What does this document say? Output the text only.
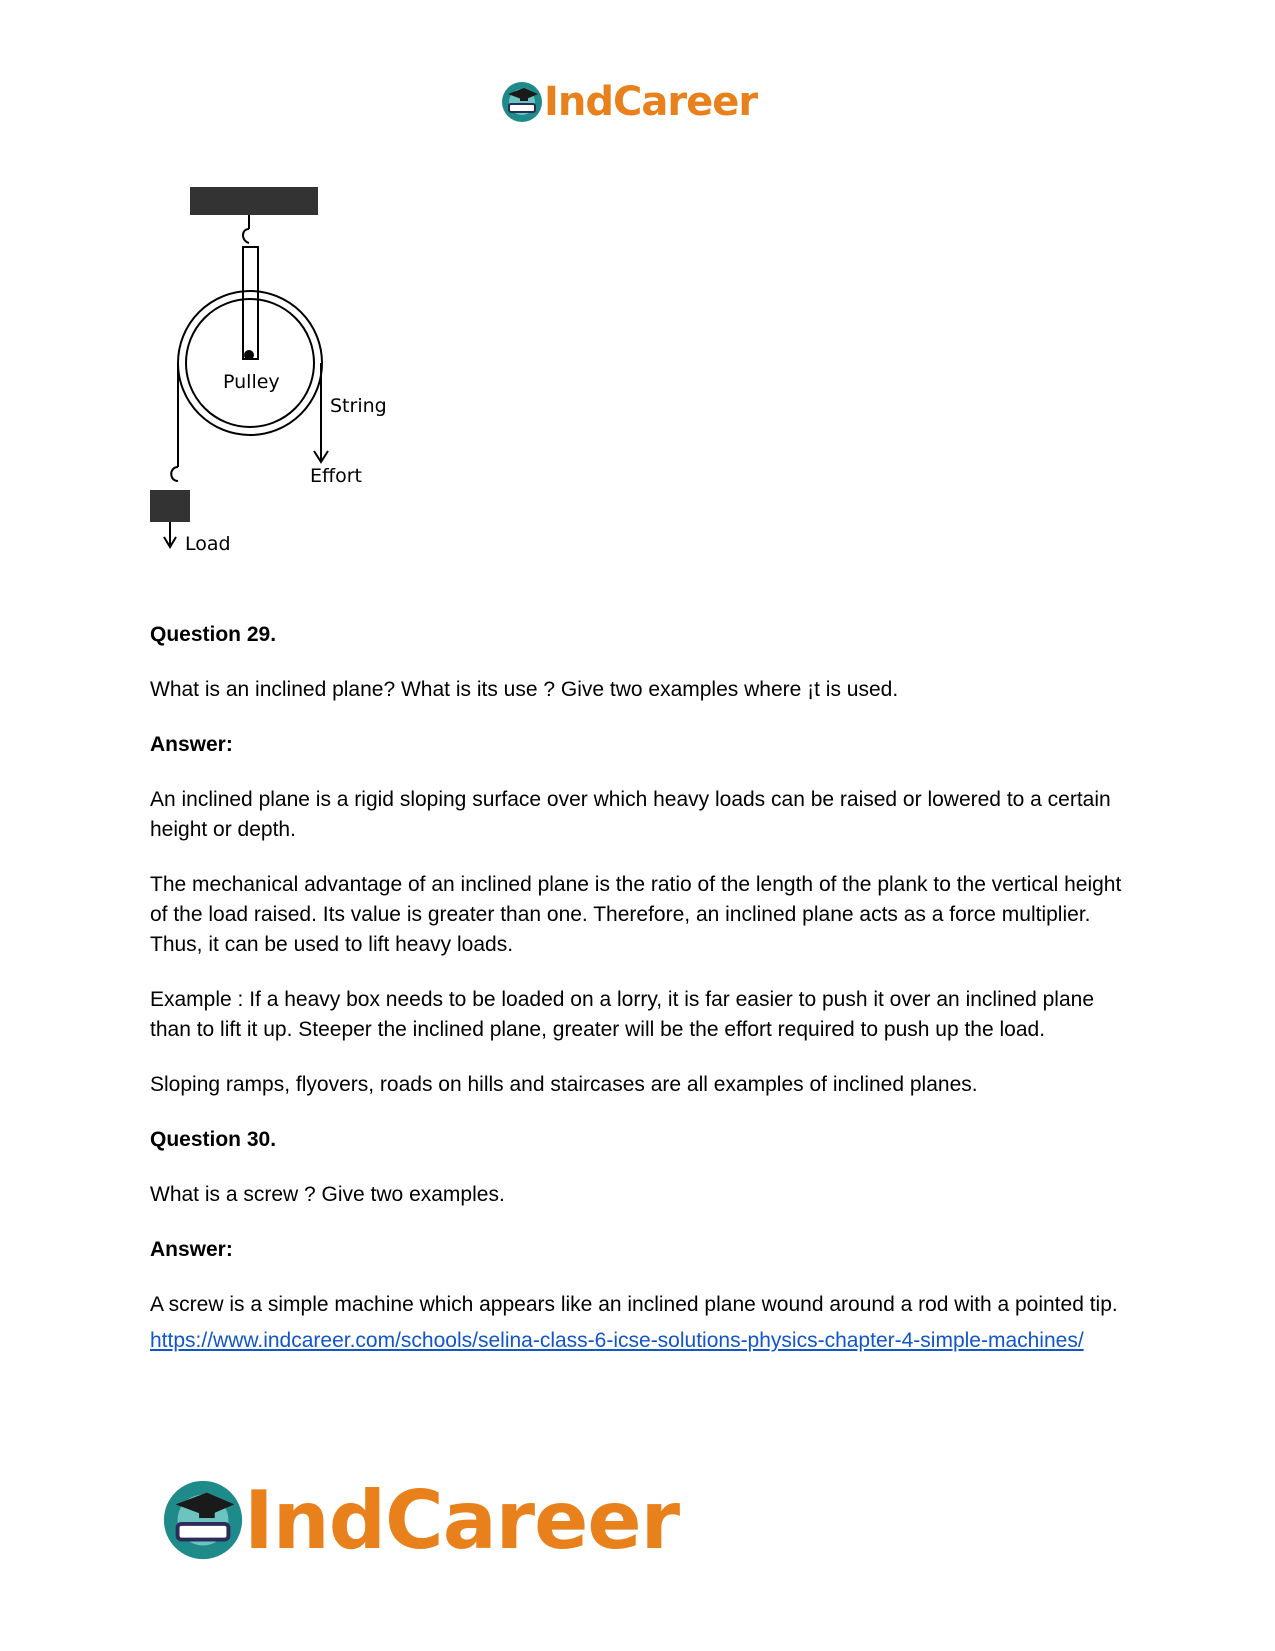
IndCareer
Pulley
String
Effort
Load

Question 29.

What is an inclined plane? What is its use ? Give two examples where ¡t is used.

Answer:

An inclined plane is a rigid sloping surface over which heavy loads can be raised or lowered to a certain height or depth.

The mechanical advantage of an inclined plane is the ratio of the length of the plank to the vertical height of the load raised. Its value is greater than one. Therefore, an inclined plane acts as a force multiplier. Thus, it can be used to lift heavy loads.

Example : If a heavy box needs to be loaded on a lorry, it is far easier to push it over an inclined plane than to lift it up. Steeper the inclined plane, greater will be the effort required to push up the load.

Sloping ramps, flyovers, roads on hills and staircases are all examples of inclined planes.

Question 30.

What is a screw ? Give two examples.

Answer:

A screw is a simple machine which appears like an inclined plane wound around a rod with a pointed tip.

https://www.indcareer.com/schools/selina-class-6-icse-solutions-physics-chapter-4-simple-machines/
IndCareer
